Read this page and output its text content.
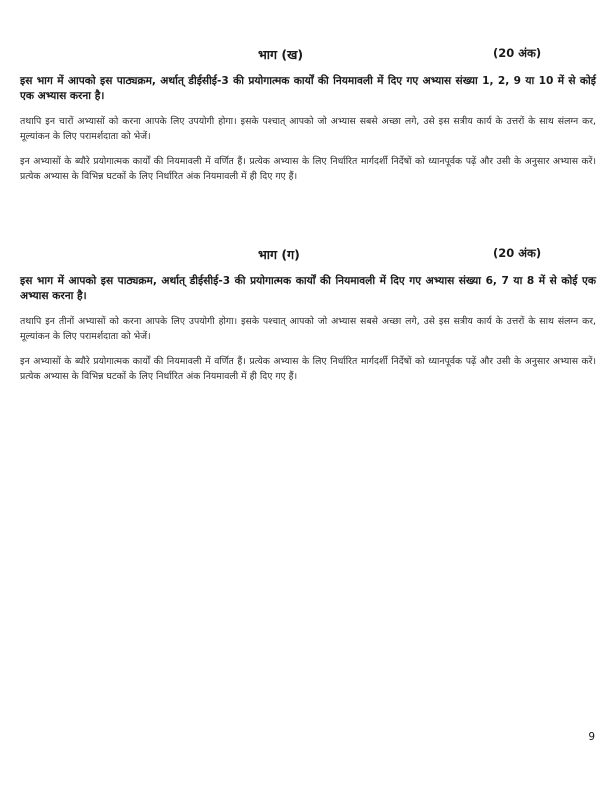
भाग (ख)	(20 अंक)

इस भाग में आपको इस पाठ्यक्रम, अर्थात् डीईसीई-3 की प्रयोगात्मक कार्यों की नियमावली में दिए गए अभ्यास संख्या 1, 2, 9 या 10 में से कोई एक अभ्यास करना है।

तथापि इन चारों अभ्यासों को करना आपके लिए उपयोगी होगा। इसके पश्चात् आपको जो अभ्यास सबसे अच्छा लगे, उसे इस सत्रीय कार्य के उत्तरों के साथ संलग्न कर, मूल्यांकन के लिए परामर्शदाता को भेजें।

इन अभ्यासों के ब्यौरे प्रयोगात्मक कार्यों की नियमावली में वर्णित हैं। प्रत्येक अभ्यास के लिए निर्धारित मार्गदर्शी निर्देषों को ध्यानपूर्वक पढ़ें और उसी के अनुसार अभ्यास करें। प्रत्येक अभ्यास के विभिन्न घटकों के लिए निर्धारित अंक नियमावली में ही दिए गए हैं।

भाग (ग)	(20 अंक)

इस भाग में आपको इस पाठ्यक्रम, अर्थात् डीईसीई-3 की प्रयोगात्मक कार्यों की नियमावली में दिए गए अभ्यास संख्या 6, 7 या 8 में से कोई एक अभ्यास करना है।

तथापि इन तीनों अभ्यासों को करना आपके लिए उपयोगी होगा। इसके पश्चात् आपको जो अभ्यास सबसे अच्छा लगे, उसे इस सत्रीय कार्य के उत्तरों के साथ संलग्न कर, मूल्यांकन के लिए परामर्शदाता को भेजें।

इन अभ्यासों के ब्यौरे प्रयोगात्मक कार्यों की नियमावली में वर्णित हैं। प्रत्येक अभ्यास के लिए निर्धारित मार्गदर्शी निर्देषों को ध्यानपूर्वक पढ़ें और उसी के अनुसार अभ्यास करें। प्रत्येक अभ्यास के विभिन्न घटकों के लिए निर्धारित अंक नियमावली में ही दिए गए हैं।

9
